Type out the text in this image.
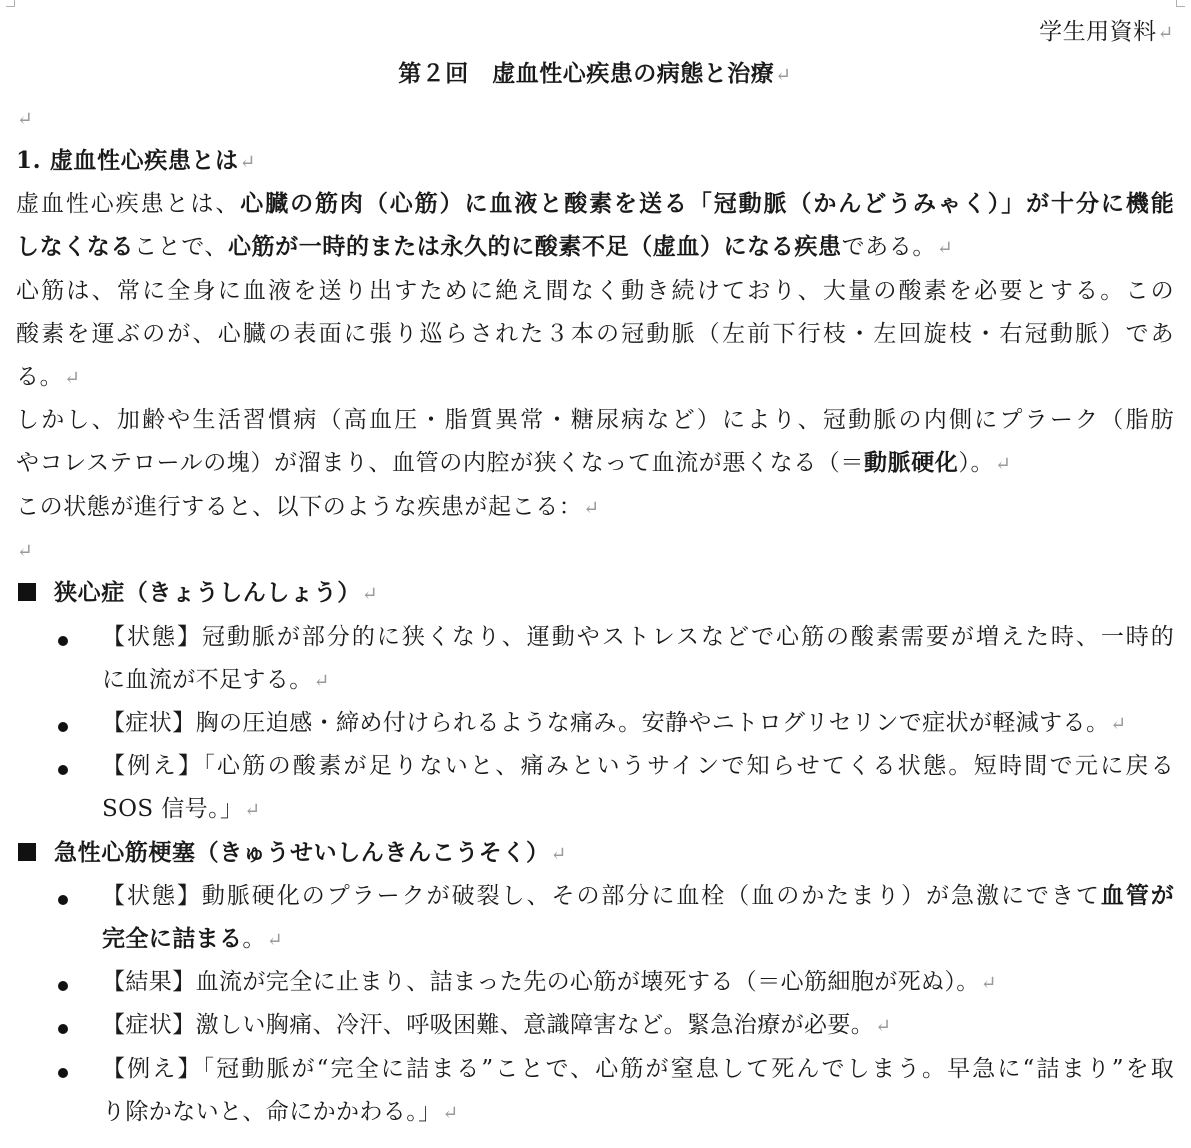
学生用資料↵
第２回　虚血性心疾患の病態と治療↵
↵
1. 虚血性心疾患とは↵
虚血性心疾患とは、心臓の筋肉（心筋）に血液と酸素を送る「冠動脈（かんどうみゃく）」が十分に機能
しなくなることで、心筋が一時的または永久的に酸素不足（虚血）になる疾患である。↵
心筋は、常に全身に血液を送り出すために絶え間なく動き続けており、大量の酸素を必要とする。この
酸素を運ぶのが、心臓の表面に張り巡らされた３本の冠動脈（左前下行枝・左回旋枝・右冠動脈）であ
る。↵
しかし、加齢や生活習慣病（高血圧・脂質異常・糖尿病など）により、冠動脈の内側にプラーク（脂肪
やコレステロールの塊）が溜まり、血管の内腔が狭くなって血流が悪くなる（＝動脈硬化）。↵
この状態が進行すると、以下のような疾患が起こる：↵
↵
狭心症（きょうしんしょう）↵
【状態】冠動脈が部分的に狭くなり、運動やストレスなどで心筋の酸素需要が増えた時、一時的
に血流が不足する。↵
【症状】胸の圧迫感・締め付けられるような痛み。安静やニトログリセリンで症状が軽減する。↵
【例え】「心筋の酸素が足りないと、痛みというサインで知らせてくる状態。短時間で元に戻る
SOS 信号。」↵
急性心筋梗塞（きゅうせいしんきんこうそく）↵
【状態】動脈硬化のプラークが破裂し、その部分に血栓（血のかたまり）が急激にできて血管が
完全に詰まる。↵
【結果】血流が完全に止まり、詰まった先の心筋が壊死する（＝心筋細胞が死ぬ）。↵
【症状】激しい胸痛、冷汗、呼吸困難、意識障害など。緊急治療が必要。↵
【例え】「冠動脈が“完全に詰まる”ことで、心筋が窒息して死んでしまう。早急に“詰まり”を取
り除かないと、命にかかわる。」↵
